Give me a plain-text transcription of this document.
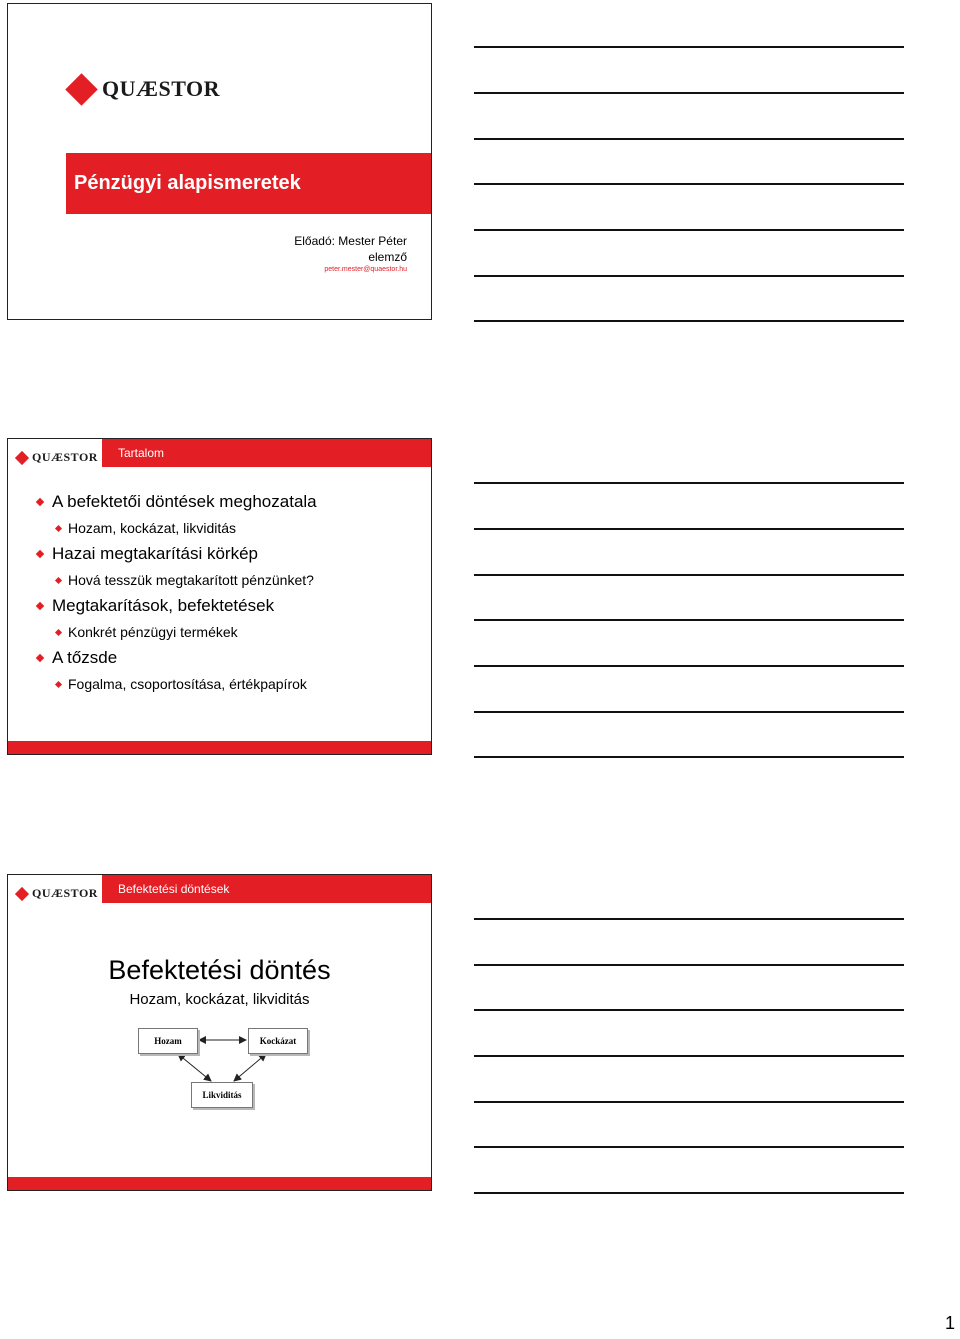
QUÆSTOR
Pénzügyi alapismeretek
Előadó: Mester Péter
elemző
peter.mester@quaestor.hu
QUÆSTOR Tartalom
A befektetői döntések meghozatala
Hozam, kockázat, likviditás
Hazai megtakarítási körkép
Hová tesszük megtakarított pénzünket?
Megtakarítások, befektetések
Konkrét pénzügyi termékek
A tőzsde
Fogalma, csoportosítása, értékpapírok
QUÆSTOR Befektetési döntések
Befektetési döntés
Hozam, kockázat, likviditás
Hozam	Kockázat
Likviditás
1
